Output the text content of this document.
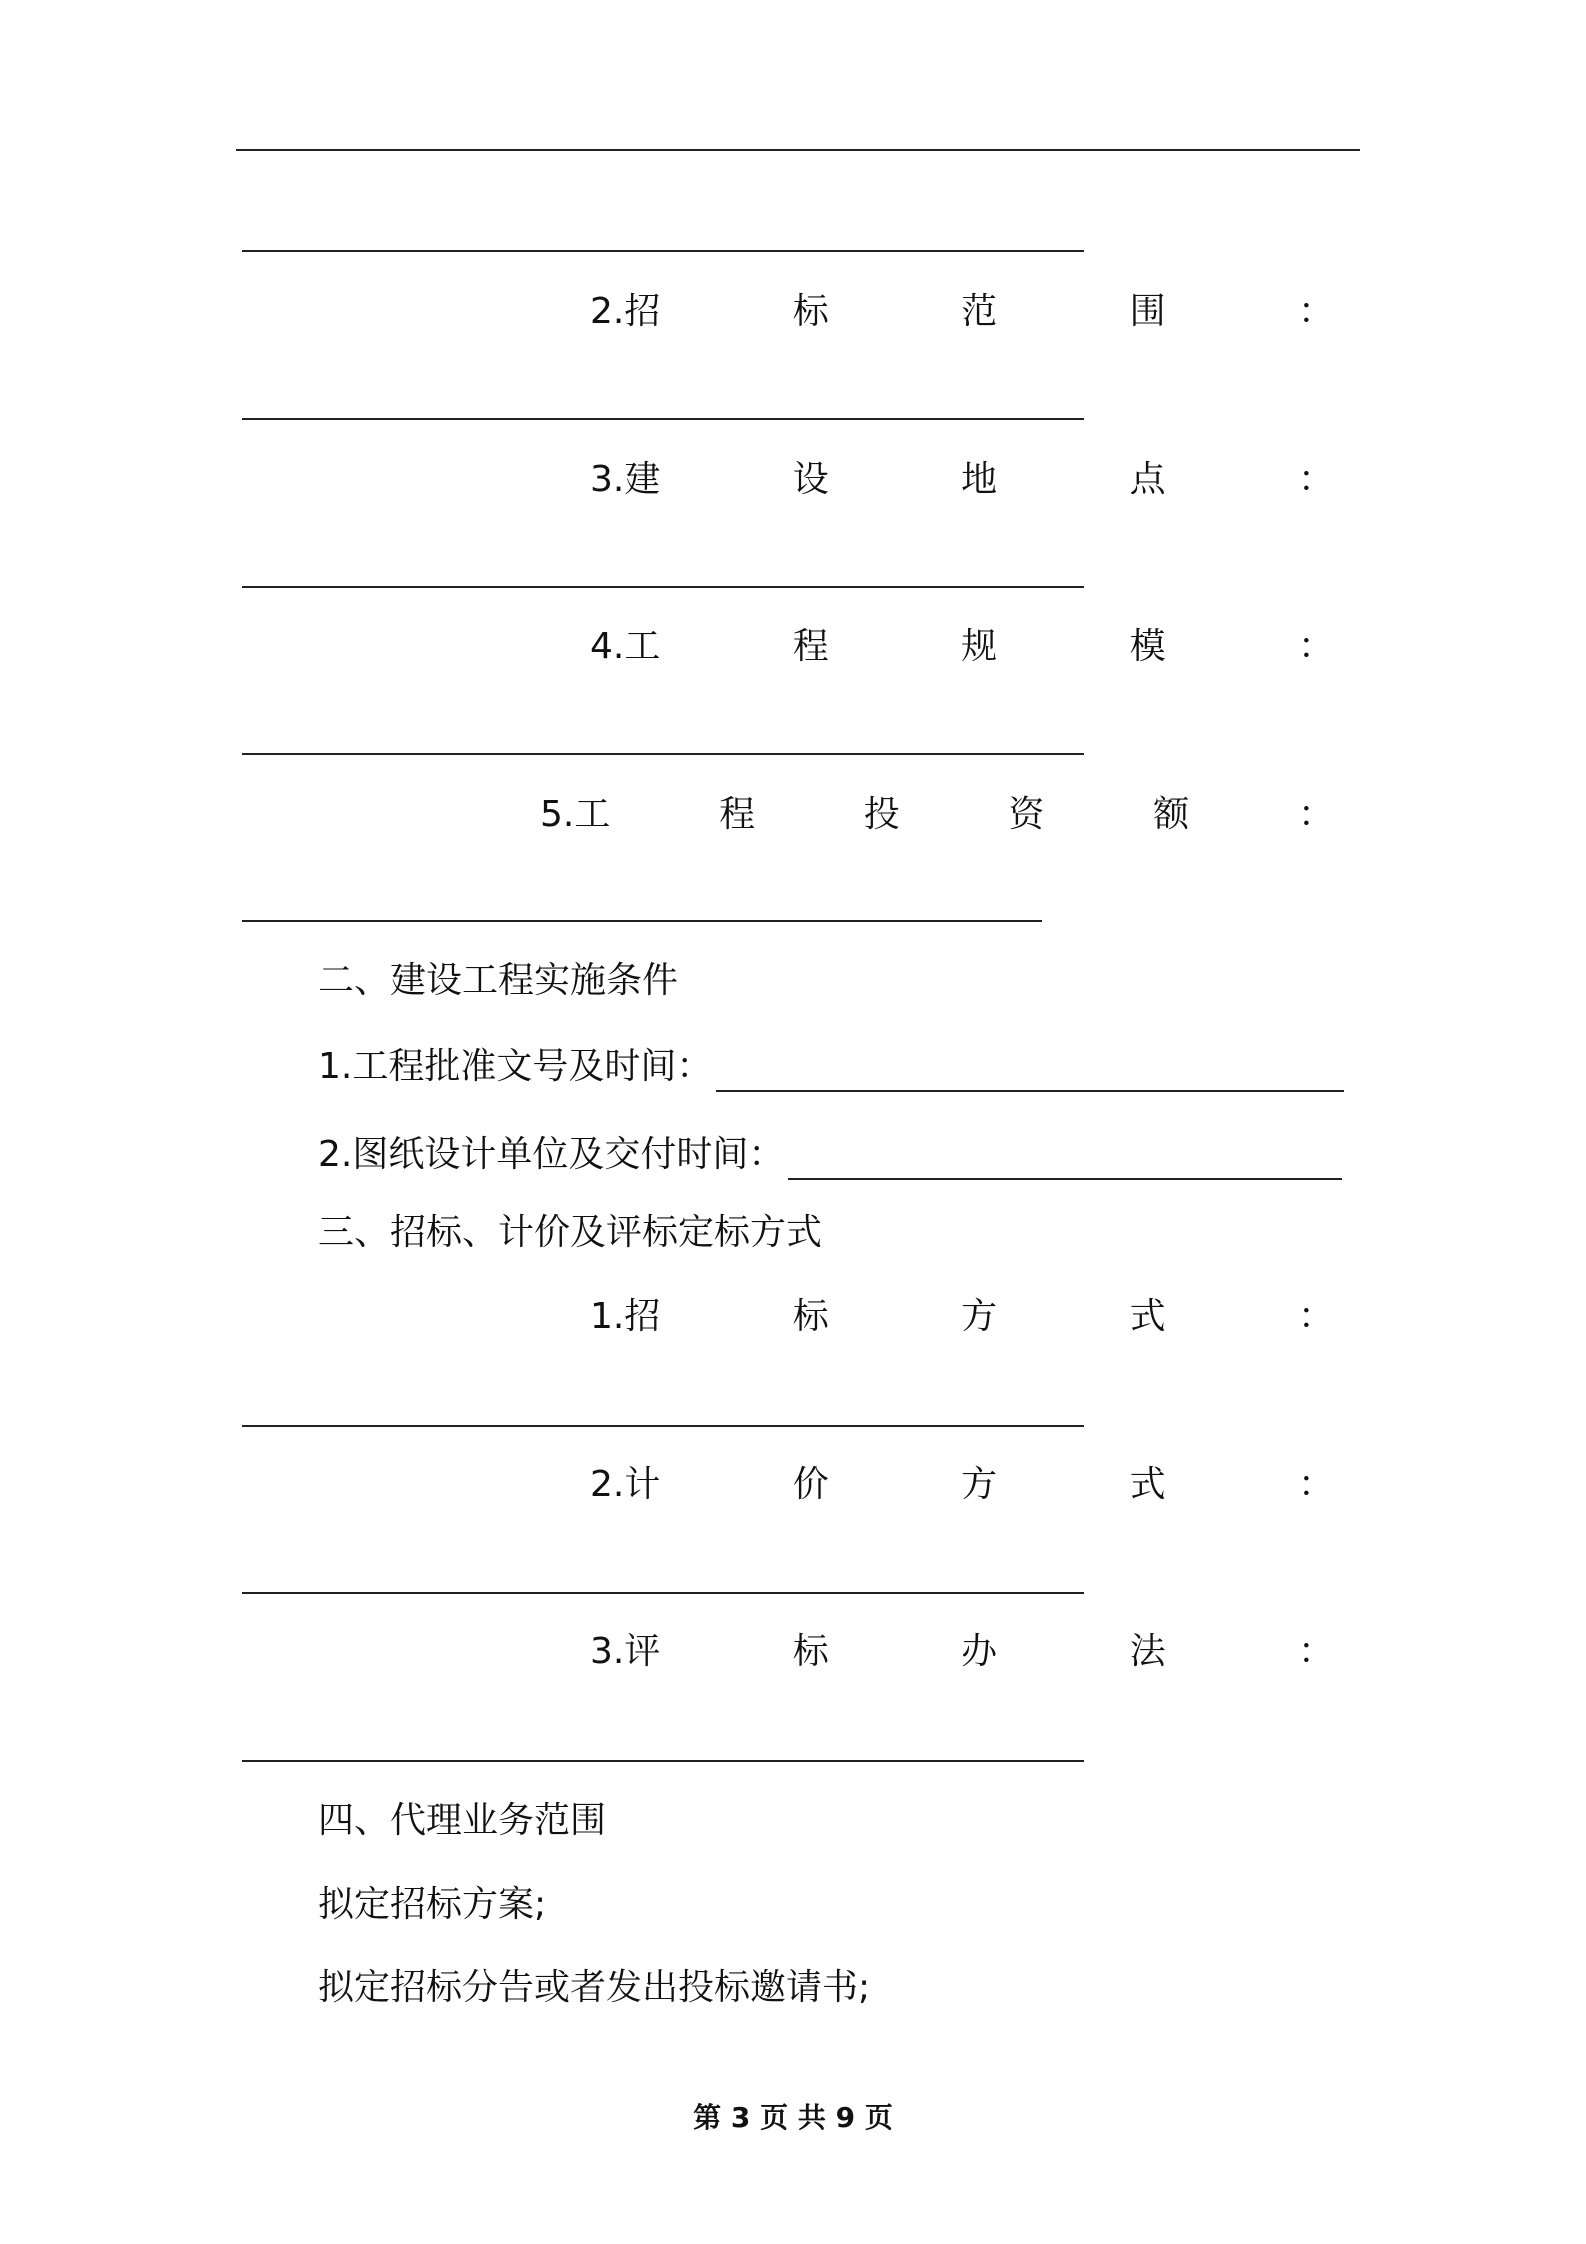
2.招	标	范	围	：
3.建	设	地	点	：
4.工	程	规	模	：
5.工	程	投	资	额	：
二、建设工程实施条件
1.工程批准文号及时间：
2.图纸设计单位及交付时间：
三、招标、计价及评标定标方式
1.招	标	方	式	：
2.计	价	方	式	：
3.评	标	办	法	：
四、代理业务范围
拟定招标方案;
拟定招标分告或者发出投标邀请书;
第 3 页 共 9 页
